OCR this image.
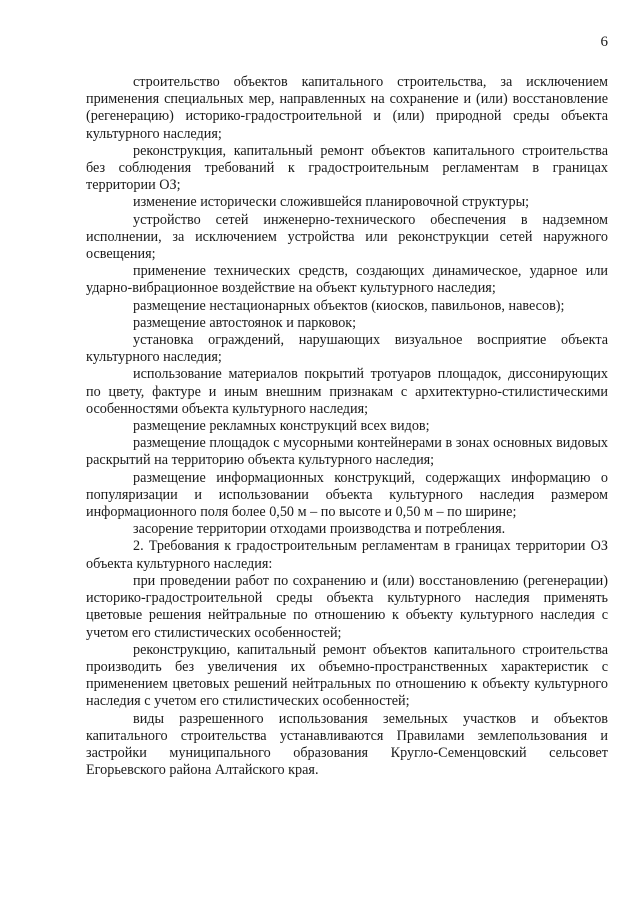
6

строительство объектов капитального строительства, за исключением применения специальных мер, направленных на сохранение и (или) восстановление (регенерацию) историко-градостроительной и (или) природной среды объекта культурного наследия;

реконструкция, капитальный ремонт объектов капитального строительства без соблюдения требований к градостроительным регламентам в границах территории ОЗ;

изменение исторически сложившейся планировочной структуры;

устройство сетей инженерно-технического обеспечения в надземном исполнении, за исключением устройства или реконструкции сетей наружного освещения;

применение технических средств, создающих динамическое, ударное или ударно-вибрационное воздействие на объект культурного наследия;

размещение нестационарных объектов (киосков, павильонов, навесов);

размещение автостоянок и парковок;

установка ограждений, нарушающих визуальное восприятие объекта культурного наследия;

использование материалов покрытий тротуаров площадок, диссонирующих по цвету, фактуре и иным внешним признакам с архитектурно-стилистическими особенностями объекта культурного наследия;

размещение рекламных конструкций всех видов;

размещение площадок с мусорными контейнерами в зонах основных видовых раскрытий на территорию объекта культурного наследия;

размещение информационных конструкций, содержащих информацию о популяризации и использовании объекта культурного наследия размером информационного поля более 0,50 м – по высоте и 0,50 м – по ширине;

засорение территории отходами производства и потребления.

2. Требования к градостроительным регламентам в границах территории ОЗ объекта культурного наследия:

при проведении работ по сохранению и (или) восстановлению (регенерации) историко-градостроительной среды объекта культурного наследия применять цветовые решения нейтральные по отношению к объекту культурного наследия с учетом его стилистических особенностей;

реконструкцию, капитальный ремонт объектов капитального строительства производить без увеличения их объемно-пространственных характеристик с применением цветовых решений нейтральных по отношению к объекту культурного наследия с учетом его стилистических особенностей;

виды разрешенного использования земельных участков и объектов капитального строительства устанавливаются Правилами землепользования и застройки муниципального образования Кругло-Семенцовский сельсовет Егорьевского района Алтайского края.
